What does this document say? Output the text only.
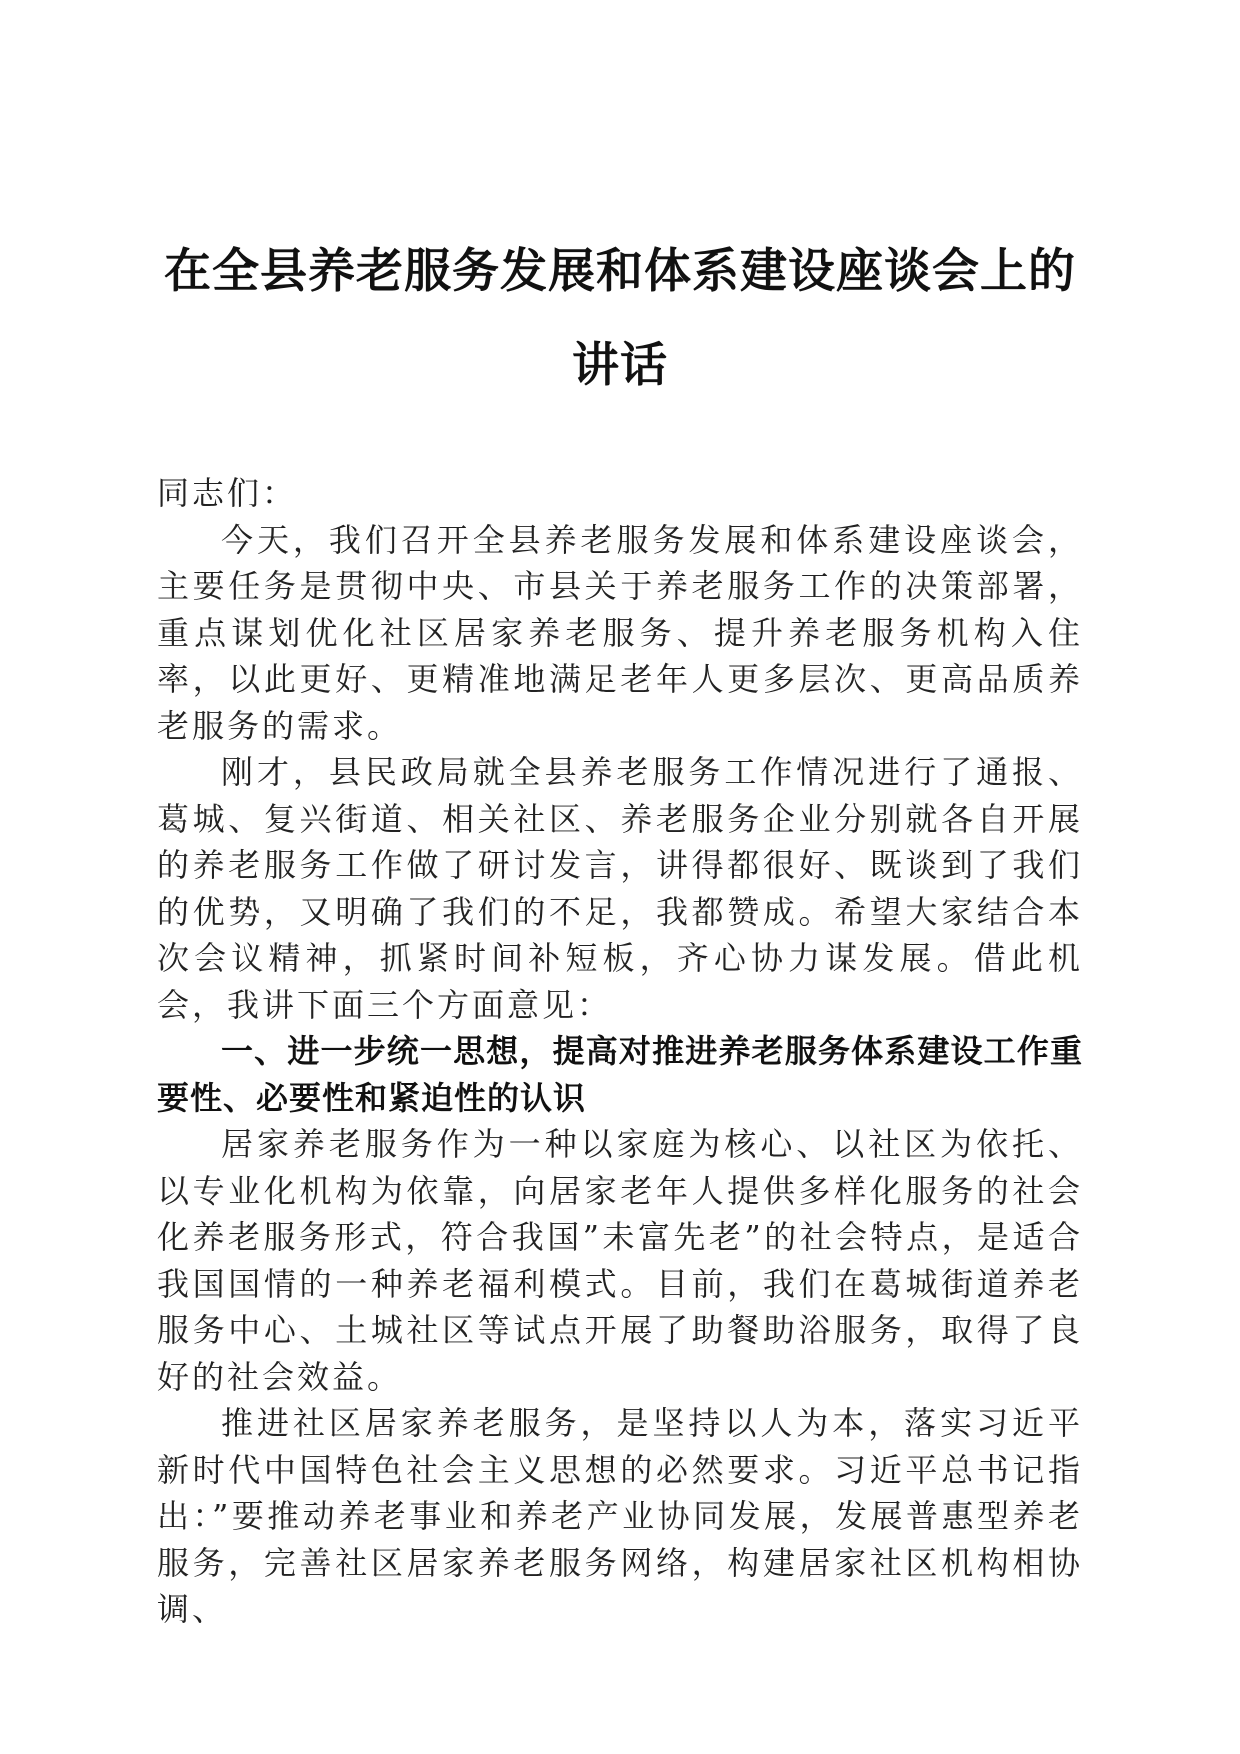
在全县养老服务发展和体系建设座谈会上的讲话

同志们：

今天，我们召开全县养老服务发展和体系建设座谈会，主要任务是贯彻中央、市县关于养老服务工作的决策部署，重点谋划优化社区居家养老服务、提升养老服务机构入住率，以此更好、更精准地满足老年人更多层次、更高品质养老服务的需求。

刚才，县民政局就全县养老服务工作情况进行了通报、葛城、复兴街道、相关社区、养老服务企业分别就各自开展的养老服务工作做了研讨发言，讲得都很好、既谈到了我们的优势，又明确了我们的不足，我都赞成。希望大家结合本次会议精神，抓紧时间补短板，齐心协力谋发展。借此机会，我讲下面三个方面意见：

一、进一步统一思想，提高对推进养老服务体系建设工作重要性、必要性和紧迫性的认识

居家养老服务作为一种以家庭为核心、以社区为依托、以专业化机构为依靠，向居家老年人提供多样化服务的社会化养老服务形式，符合我国”未富先老”的社会特点，是适合我国国情的一种养老福利模式。目前，我们在葛城街道养老服务中心、土城社区等试点开展了助餐助浴服务，取得了良好的社会效益。

推进社区居家养老服务，是坚持以人为本，落实习近平新时代中国特色社会主义思想的必然要求。习近平总书记指出：”要推动养老事业和养老产业协同发展，发展普惠型养老服务，完善社区居家养老服务网络，构建居家社区机构相协调、
